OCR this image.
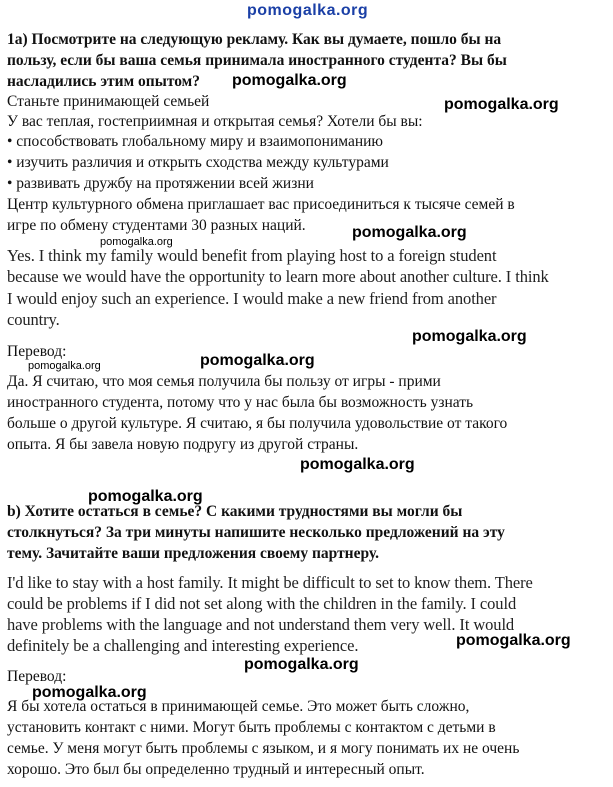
1а) Посмотрите на следующую рекламу. Как вы думаете, пошло бы на
пользу, если бы ваша семья принимала иностранного студента? Вы бы
насладились этим опытом?
Станьте принимающей семьей
У вас теплая, гостеприимная и открытая семья? Хотели бы вы:
• способствовать глобальному миру и взаимопониманию
• изучить различия и открыть сходства между культурами
• развивать дружбу на протяжении всей жизни
Центр культурного обмена приглашает вас присоединиться к тысяче семей в
игре по обмену студентами 30 разных наций.
Yes. I think my family would benefit from playing host to a foreign student
because we would have the opportunity to learn more about another culture. I think
I would enjoy such an experience. I would make a new friend from another
country.
Перевод:
Да. Я считаю, что моя семья получила бы пользу от игры - прими
иностранного студента, потому что у нас была бы возможность узнать
больше о другой культуре. Я считаю, я бы получила удовольствие от такого
опыта. Я бы завела новую подругу из другой страны.
b) Хотите остаться в семье? С какими трудностями вы могли бы
столкнуться? За три минуты напишите несколько предложений на эту
тему. Зачитайте ваши предложения своему партнеру.
I'd like to stay with a host family. It might be difficult to set to know them. There
could be problems if I did not set along with the children in the family. I could
have problems with the language and not understand them very well. It would
definitely be a challenging and interesting experience.
Перевод:
Я бы хотела остаться в принимающей семье. Это может быть сложно,
установить контакт с ними. Могут быть проблемы с контактом с детьми в
семье. У меня могут быть проблемы с языком, и я могу понимать их не очень
хорошо. Это был бы определенно трудный и интересный опыт.
pomogalka.org
pomogalka.org
pomogalka.org
pomogalka.org
pomogalka.org
pomogalka.org
pomogalka.org
pomogalka.org
pomogalka.org
pomogalka.org
pomogalka.org
pomogalka.org
pomogalka.org
